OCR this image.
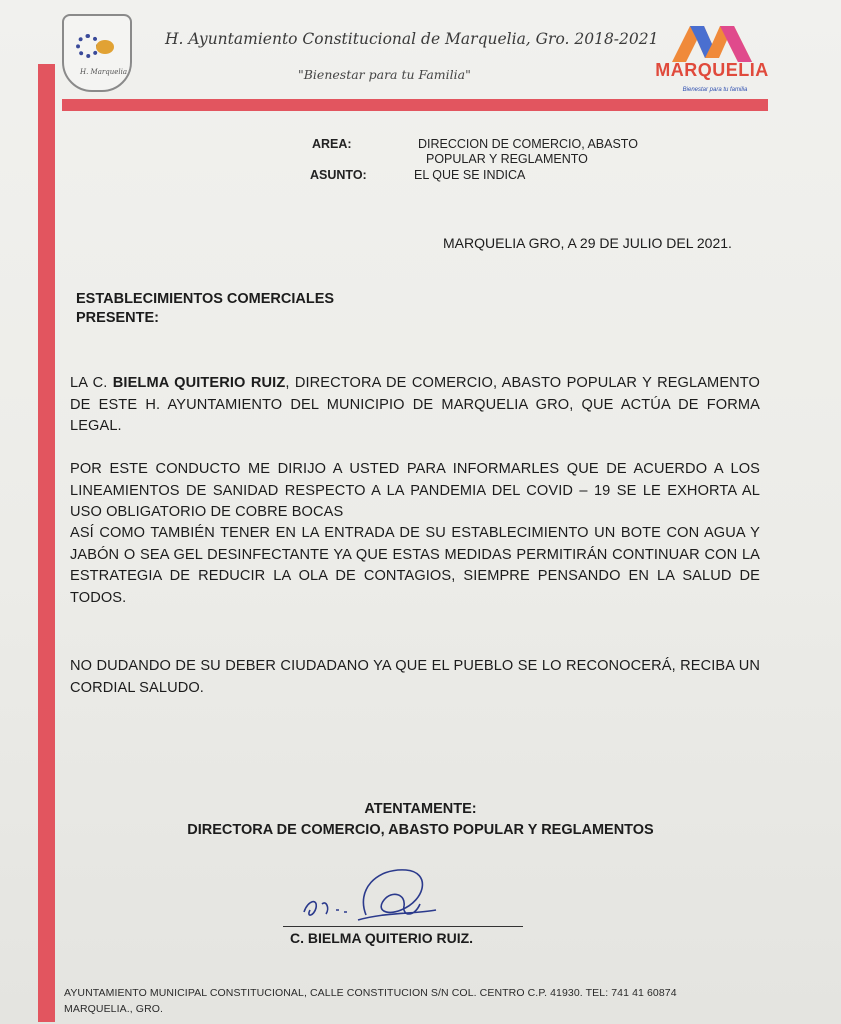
H. Marquelia
H. Ayuntamiento Constitucional de Marquelia, Gro. 2018-2021
"Bienestar para tu Familia"	MARQUELIA
Bienestar para tu familia
AREA:	DIRECCION DE COMERCIO, ABASTO
POPULAR Y REGLAMENTO
ASUNTO:	EL QUE SE INDICA
MARQUELIA GRO, A 29 DE JULIO DEL 2021.
ESTABLECIMIENTOS COMERCIALES
PRESENTE:
LA C. BIELMA QUITERIO RUIZ, DIRECTORA DE COMERCIO, ABASTO POPULAR Y REGLAMENTO DE ESTE H. AYUNTAMIENTO DEL MUNICIPIO DE MARQUELIA GRO, QUE ACTÚA DE FORMA LEGAL.
POR ESTE CONDUCTO ME DIRIJO A USTED PARA INFORMARLES QUE DE ACUERDO A LOS LINEAMIENTOS DE SANIDAD RESPECTO A LA PANDEMIA DEL COVID – 19 SE LE EXHORTA AL USO OBLIGATORIO DE COBRE BOCAS
ASÍ COMO TAMBIÉN TENER EN LA ENTRADA DE SU ESTABLECIMIENTO UN BOTE CON AGUA Y JABÓN O SEA GEL DESINFECTANTE YA QUE ESTAS MEDIDAS PERMITIRÁN CONTINUAR CON LA ESTRATEGIA DE REDUCIR LA OLA DE CONTAGIOS, SIEMPRE PENSANDO EN LA SALUD DE TODOS.
NO DUDANDO DE SU DEBER CIUDADANO YA QUE EL PUEBLO SE LO RECONOCERÁ, RECIBA UN CORDIAL SALUDO.
ATENTAMENTE:
DIRECTORA DE COMERCIO, ABASTO POPULAR Y REGLAMENTOS
C. BIELMA QUITERIO RUIZ.
AYUNTAMIENTO MUNICIPAL CONSTITUCIONAL, CALLE CONSTITUCION S/N COL. CENTRO C.P. 41930. TEL: 741 41 60874
MARQUELIA., GRO.
